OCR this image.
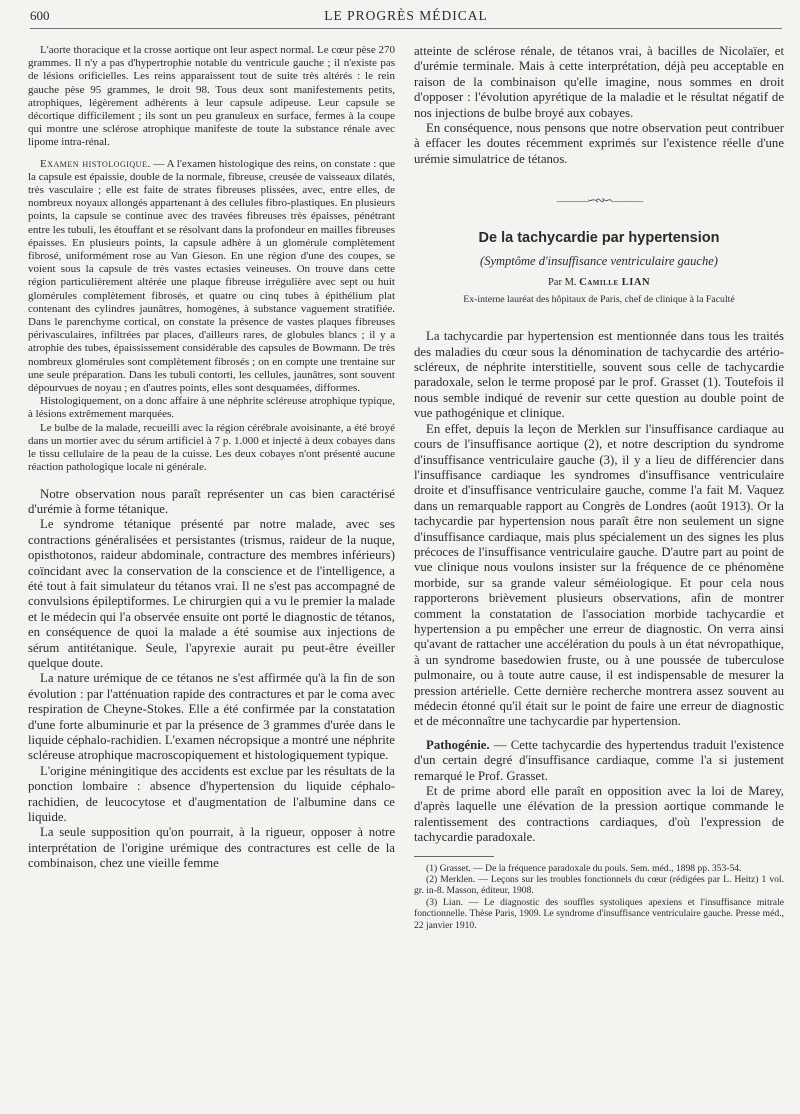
600	LE PROGRÈS MÉDICAL

L'aorte thoracique et la crosse aortique ont leur aspect normal. Le cœur pèse 270 grammes. Il n'y a pas d'hypertrophie notable du ventricule gauche ; il n'existe pas de lésions orificielles. Les reins apparaissent tout de suite très altérés : le rein gauche pèse 95 grammes, le droit 98. Tous deux sont manifestements petits, atrophiques, légèrement adhérents à leur capsule adipeuse. Leur capsule se décortique difficilement ; ils sont un peu granuleux en surface, fermes à la coupe qui montre une sclérose atrophique manifeste de toute la substance rénale avec lipome intra-rénal.

Examen histologique. — A l'examen histologique des reins, on constate : que la capsule est épaissie, double de la normale, fibreuse, creusée de vaisseaux dilatés, très vasculaire ; elle est faite de strates fibreuses plissées, avec, entre elles, de nombreux noyaux allongés appartenant à des cellules fibro-plastiques. En plusieurs points, la capsule se continue avec des travées fibreuses très épaisses, pénétrant entre les tubuli, les étouffant et se résolvant dans la profondeur en mailles fibreuses épaisses. En plusieurs points, la capsule adhère à un glomérule complètement fibrosé, uniformément rose au Van Gieson. En une région d'une des coupes, se voient sous la capsule de très vastes ectasies veineuses. On trouve dans cette région particulièrement altérée une plaque fibreuse irrégulière avec sept ou huit glomérules complètement fibrosés, et quatre ou cinq tubes à épithélium plat contenant des cylindres jaunâtres, homogènes, à substance vaguement stratifiée. Dans le parenchyme cortical, on constate la présence de vastes plaques fibreuses périvasculaires, infiltrées par places, d'ailleurs rares, de globules blancs ; il y a atrophie des tubes, épaississement considérable des capsules de Bowmann. De très nombreux glomérules sont complètement fibrosés ; on en compte une trentaine sur une seule préparation. Dans les tubuli contorti, les cellules, jaunâtres, sont souvent dépourvues de noyau ; en d'autres points, elles sont desquamées, difformes.

Histologiquement, on a donc affaire à une néphrite scléreuse atrophique typique, à lésions extrêmement marquées.

Le bulbe de la malade, recueilli avec la région cérébrale avoisinante, a été broyé dans un mortier avec du sérum artificiel à 7 p. 1.000 et injecté à deux cobayes dans le tissu cellulaire de la peau de la cuisse. Les deux cobayes n'ont présenté aucune réaction pathologique locale ni générale.

Notre observation nous paraît représenter un cas bien caractérisé d'urémie à forme tétanique.

Le syndrome tétanique présenté par notre malade, avec ses contractions généralisées et persistantes (trismus, raideur de la nuque, opisthotonos, raideur abdominale, contracture des membres inférieurs) coïncidant avec la conservation de la conscience et de l'intelligence, a été tout à fait simulateur du tétanos vrai. Il ne s'est pas accompagné de convulsions épileptiformes. Le chirurgien qui a vu le premier la malade et le médecin qui l'a observée ensuite ont porté le diagnostic de tétanos, en conséquence de quoi la malade a été soumise aux injections de sérum antitétanique. Seule, l'apyrexie aurait pu peut-être éveiller quelque doute.

La nature urémique de ce tétanos ne s'est affirmée qu'à la fin de son évolution : par l'atténuation rapide des contractures et par le coma avec respiration de Cheyne-Stokes. Elle a été confirmée par la constatation d'une forte albuminurie et par la présence de 3 grammes d'urée dans le liquide céphalo-rachidien. L'examen nécropsique a montré une néphrite scléreuse atrophique macroscopiquement et histologiquement typique.

L'origine méningitique des accidents est exclue par les résultats de la ponction lombaire : absence d'hypertension du liquide céphalo-rachidien, de leucocytose et d'augmentation de l'albumine dans ce liquide.

La seule supposition qu'on pourrait, à la rigueur, opposer à notre interprétation de l'origine urémique des contractures est celle de la combinaison, chez une vieille femme

atteinte de sclérose rénale, de tétanos vrai, à bacilles de Nicolaïer, et d'urémie terminale. Mais à cette interprétation, déjà peu acceptable en raison de la combinaison qu'elle imagine, nous sommes en droit d'opposer : l'évolution apyrétique de la maladie et le résultat négatif de nos injections de bulbe broyé aux cobayes.

En conséquence, nous pensons que notre observation peut contribuer à effacer les doutes récemment exprimés sur l'existence réelle d'une urémie simulatrice de tétanos.

———∽∾∽———
De la tachycardie par hypertension
(Symptôme d'insuffisance ventriculaire gauche)
Par M. Camille LIAN
Ex-interne lauréat des hôpitaux de Paris, chef de clinique à la Faculté

La tachycardie par hypertension est mentionnée dans tous les traités des maladies du cœur sous la dénomination de tachycardie des artério-scléreux, de néphrite interstitielle, souvent sous celle de tachycardie paradoxale, selon le terme proposé par le prof. Grasset (1). Toutefois il nous semble indiqué de revenir sur cette question au double point de vue pathogénique et clinique.

En effet, depuis la leçon de Merklen sur l'insuffisance cardiaque au cours de l'insuffisance aortique (2), et notre description du syndrome d'insuffisance ventriculaire gauche (3), il y a lieu de différencier dans l'insuffisance cardiaque les syndromes d'insuffisance ventriculaire droite et d'insuffisance ventriculaire gauche, comme l'a fait M. Vaquez dans un remarquable rapport au Congrès de Londres (août 1913). Or la tachycardie par hypertension nous paraît être non seulement un signe d'insuffisance cardiaque, mais plus spécialement un des signes les plus précoces de l'insuffisance ventriculaire gauche. D'autre part au point de vue clinique nous voulons insister sur la fréquence de ce phénomène morbide, sur sa grande valeur séméiologique. Et pour cela nous rapporterons brièvement plusieurs observations, afin de montrer comment la constatation de l'association morbide tachycardie et hypertension a pu empêcher une erreur de diagnostic. On verra ainsi qu'avant de rattacher une accélération du pouls à un état névropathique, à un syndrome basedowien fruste, ou à une poussée de tuberculose pulmonaire, ou à toute autre cause, il est indispensable de mesurer la pression artérielle. Cette dernière recherche montrera assez souvent au médecin étonné qu'il était sur le point de faire une erreur de diagnostic et de méconnaître une tachycardie par hypertension.

Pathogénie. — Cette tachycardie des hypertendus traduit l'existence d'un certain degré d'insuffisance cardiaque, comme l'a si justement remarqué le Prof. Grasset.

Et de prime abord elle paraît en opposition avec la loi de Marey, d'après laquelle une élévation de la pression aortique commande le ralentissement des contractions cardiaques, d'où l'expression de tachycardie paradoxale.

(1) Grasset. — De la fréquence paradoxale du pouls. Sem. méd., 1898 pp. 353-54.

(2) Merklen. — Leçons sur les troubles fonctionnels du cœur (rédigées par L. Heitz) 1 vol. gr. in-8. Masson, éditeur, 1908.

(3) Lian. — Le diagnostic des souffles systoliques apexiens et l'insuffisance mitrale fonctionnelle. Thèse Paris, 1909. Le syndrome d'insuffisance ventriculaire gauche. Presse méd., 22 janvier 1910.
